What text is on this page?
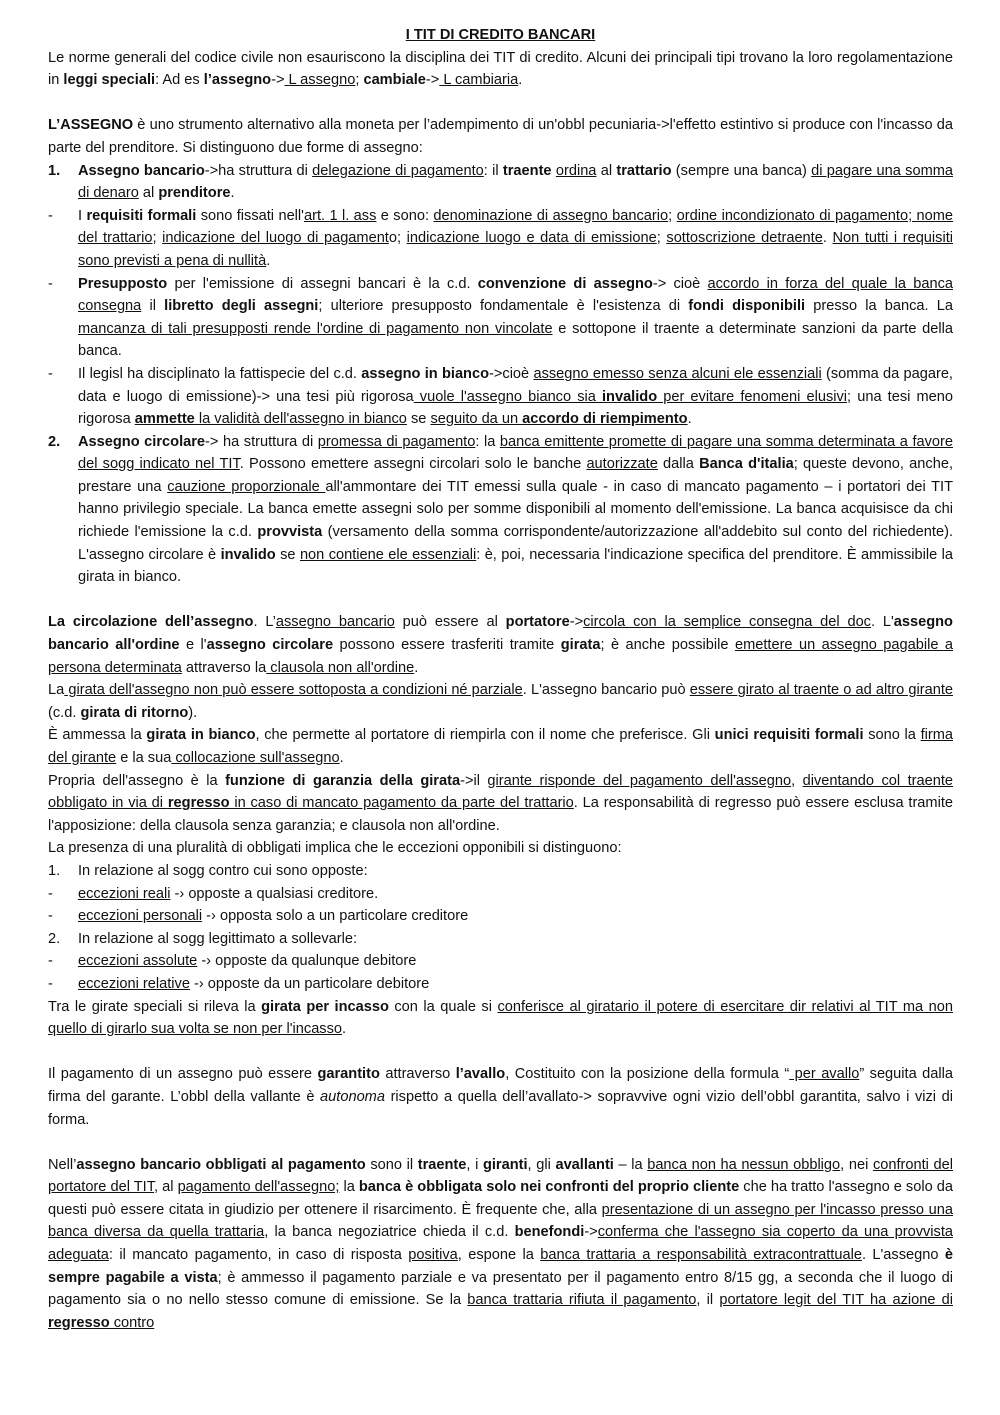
I TIT DI CREDITO BANCARI

Le norme generali del codice civile non esauriscono la disciplina dei TIT di credito. Alcuni dei principali tipi trovano la loro regolamentazione in leggi speciali: Ad es l’assegno-> L assegno; cambiale-> L cambiaria.

L’ASSEGNO è uno strumento alternativo alla moneta per l’adempimento di un'obbl pecuniaria->l'effetto estintivo si produce con l'incasso da parte del prenditore. Si distinguono due forme di assegno:

1.	Assegno bancario->ha struttura di delegazione di pagamento: il traente ordina al trattario (sempre una banca) di pagare una somma di denaro al prenditore.
-	I requisiti formali sono fissati nell'art. 1 l. ass e sono: denominazione di assegno bancario; ordine incondizionato di pagamento; nome del trattario; indicazione del luogo di pagamento; indicazione luogo e data di emissione; sottoscrizione detraente. Non tutti i requisiti sono previsti a pena di nullità.
-	Presupposto per l'emissione di assegni bancari è la c.d. convenzione di assegno-> cioè accordo in forza del quale la banca consegna il libretto degli assegni; ulteriore presupposto fondamentale è l'esistenza di fondi disponibili presso la banca. La mancanza di tali presupposti rende l'ordine di pagamento non vincolate e sottopone il traente a determinate sanzioni da parte della banca.
-	Il legisl ha disciplinato la fattispecie del c.d. assegno in bianco->cioè assegno emesso senza alcuni ele essenziali (somma da pagare, data e luogo di emissione)-> una tesi più rigorosa vuole l'assegno bianco sia invalido per evitare fenomeni elusivi; una tesi meno rigorosa ammette la validità dell'assegno in bianco se seguito da un accordo di riempimento.
2.	Assegno circolare-> ha struttura di promessa di pagamento: la banca emittente promette di pagare una somma determinata a favore del sogg indicato nel TIT. Possono emettere assegni circolari solo le banche autorizzate dalla Banca d'italia; queste devono, anche, prestare una cauzione proporzionale all'ammontare dei TIT emessi sulla quale - in caso di mancato pagamento – i portatori dei TIT hanno privilegio speciale. La banca emette assegni solo per somme disponibili al momento dell'emissione. La banca acquisisce da chi richiede l'emissione la c.d. provvista (versamento della somma corrispondente/autorizzazione all'addebito sul conto del richiedente). L'assegno circolare è invalido se non contiene ele essenziali: è, poi, necessaria l'indicazione specifica del prenditore. È ammissibile la girata in bianco.

La circolazione dell’assegno. L’assegno bancario può essere al portatore->circola con la semplice consegna del doc. L'assegno bancario all'ordine e l'assegno circolare possono essere trasferiti tramite girata; è anche possibile emettere un assegno pagabile a persona determinata attraverso la clausola non all'ordine.

La girata dell'assegno non può essere sottoposta a condizioni né parziale. L'assegno bancario può essere girato al traente o ad altro girante (c.d. girata di ritorno).

È ammessa la girata in bianco, che permette al portatore di riempirla con il nome che preferisce. Gli unici requisiti formali sono la firma del girante e la sua collocazione sull'assegno.

Propria dell'assegno è la funzione di garanzia della girata->il girante risponde del pagamento dell'assegno, diventando col traente obbligato in via di regresso in caso di mancato pagamento da parte del trattario. La responsabilità di regresso può essere esclusa tramite l'apposizione: della clausola senza garanzia; e clausola non all'ordine.

La presenza di una pluralità di obbligati implica che le eccezioni opponibili si distinguono:

1.	In relazione al sogg contro cui sono opposte:
-	eccezioni reali -› opposte a qualsiasi creditore.
-	eccezioni personali -› opposta solo a un particolare creditore
2.	In relazione al sogg legittimato a sollevarle:
-	eccezioni assolute -› opposte da qualunque debitore
-	eccezioni relative -› opposte da un particolare debitore

Tra le girate speciali si rileva la girata per incasso con la quale si conferisce al giratario il potere di esercitare dir relativi al TIT ma non quello di girarlo sua volta se non per l'incasso.

Il pagamento di un assegno può essere garantito attraverso l’avallo, Costituito con la posizione della formula “ per avallo” seguita dalla firma del garante. L’obbl della vallante è autonoma rispetto a quella dell’avallato-> sopravvive ogni vizio dell’obbl garantita, salvo i vizi di forma.

Nell’assegno bancario obbligati al pagamento sono il traente, i giranti, gli avallanti – la banca non ha nessun obbligo, nei confronti del portatore del TIT, al pagamento dell'assegno; la banca è obbligata solo nei confronti del proprio cliente che ha tratto l'assegno e solo da questi può essere citata in giudizio per ottenere il risarcimento. È frequente che, alla presentazione di un assegno per l'incasso presso una banca diversa da quella trattaria, la banca negoziatrice chieda il c.d. benefondi->conferma che l'assegno sia coperto da una provvista adeguata: il mancato pagamento, in caso di risposta positiva, espone la banca trattaria a responsabilità extracontrattuale. L'assegno è sempre pagabile a vista; è ammesso il pagamento parziale e va presentato per il pagamento entro 8/15 gg, a seconda che il luogo di pagamento sia o no nello stesso comune di emissione. Se la banca trattaria rifiuta il pagamento, il portatore legit del TIT ha azione di regresso contro
